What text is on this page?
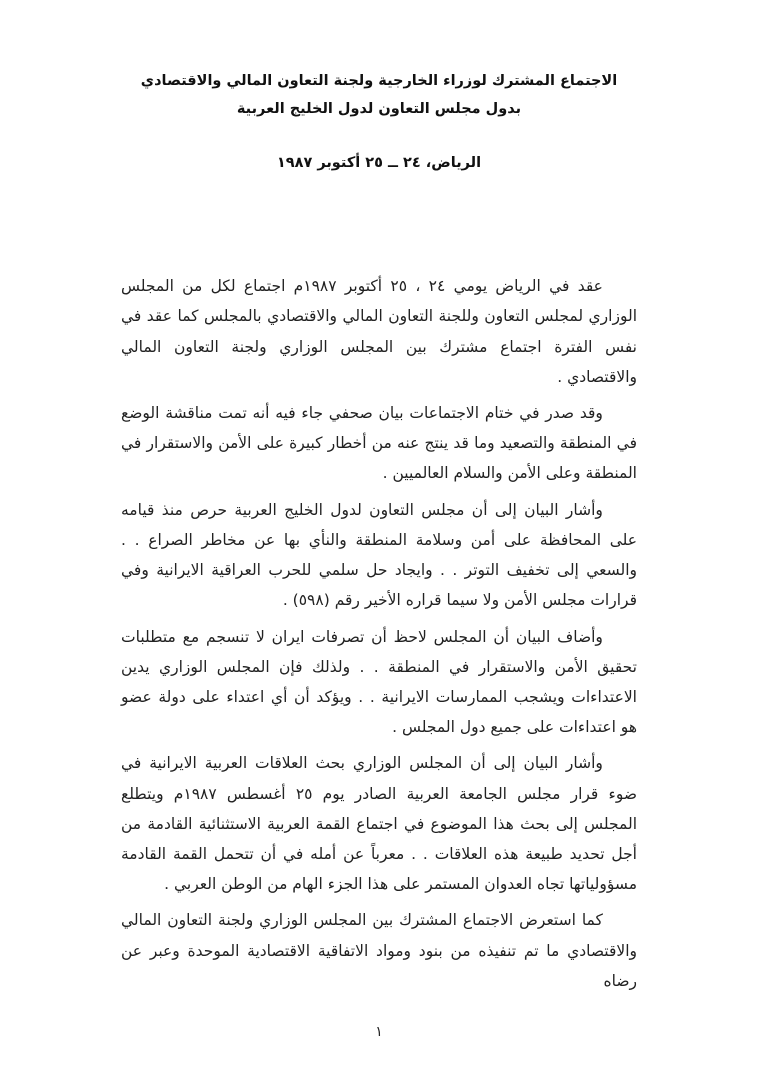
الاجتماع المشترك لوزراء الخارجية ولجنة التعاون المالي والاقتصادي
بدول مجلس التعاون لدول الخليج العربية
الرياض، ٢٤ ــ ٢٥ أكتوبر ١٩٨٧

عقد في الرياض يومي ٢٤ ، ٢٥ أكتوبر ١٩٨٧م اجتماع لكل من المجلس الوزاري لمجلس التعاون وللجنة التعاون المالي والاقتصادي بالمجلس كما عقد في نفس الفترة اجتماع مشترك بين المجلس الوزاري ولجنة التعاون المالي والاقتصادي .

وقد صدر في ختام الاجتماعات بيان صحفي جاء فيه أنه تمت مناقشة الوضع في المنطقة والتصعيد وما قد ينتج عنه من أخطار كبيرة على الأمن والاستقرار في المنطقة وعلى الأمن والسلام العالميين .

وأشار البيان إلى أن مجلس التعاون لدول الخليج العربية حرص منذ قيامه على المحافظة على أمن وسلامة المنطقة والنأي بها عن مخاطر الصراع . . والسعي إلى تخفيف التوتر . . وايجاد حل سلمي للحرب العراقية الايرانية وفي قرارات مجلس الأمن ولا سيما قراره الأخير رقم (٥٩٨) .

وأضاف البيان أن المجلس لاحظ أن تصرفات ايران لا تنسجم مع متطلبات تحقيق الأمن والاستقرار في المنطقة . . ولذلك فإن المجلس الوزاري يدين الاعتداءات ويشجب الممارسات الايرانية . . ويؤكد أن أي اعتداء على دولة عضو هو اعتداءات على جميع دول المجلس .

وأشار البيان إلى أن المجلس الوزاري بحث العلاقات العربية الايرانية في ضوء قرار مجلس الجامعة العربية الصادر يوم ٢٥ أغسطس ١٩٨٧م ويتطلع المجلس إلى بحث هذا الموضوع في اجتماع القمة العربية الاستثنائية القادمة من أجل تحديد طبيعة هذه العلاقات . . معرباً عن أمله في أن تتحمل القمة القادمة مسؤولياتها تجاه العدوان المستمر على هذا الجزء الهام من الوطن العربي .

كما استعرض الاجتماع المشترك بين المجلس الوزاري ولجنة التعاون المالي والاقتصادي ما تم تنفيذه من بنود ومواد الاتفاقية الاقتصادية الموحدة وعبر عن رضاه

١
